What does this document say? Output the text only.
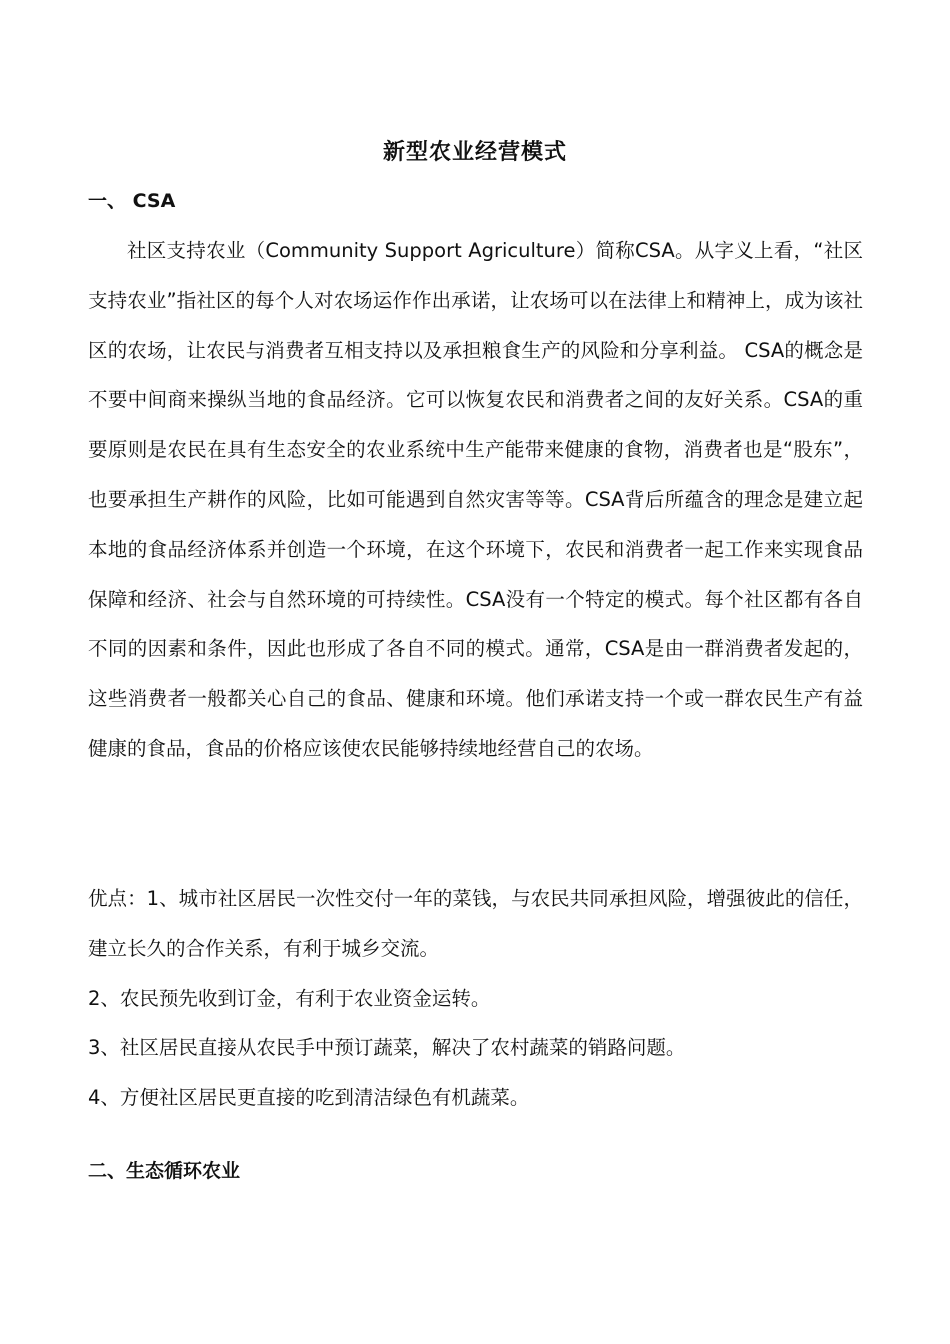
新型农业经营模式
一、 CSA

社区支持农业（Community Support Agriculture）简称CSA。从字义上看，“社区支持农业”指社区的每个人对农场运作作出承诺，让农场可以在法律上和精神上，成为该社区的农场，让农民与消费者互相支持以及承担粮食生产的风险和分享利益。 CSA的概念是不要中间商来操纵当地的食品经济。它可以恢复农民和消费者之间的友好关系。CSA的重要原则是农民在具有生态安全的农业系统中生产能带来健康的食物，消费者也是“股东”，也要承担生产耕作的风险，比如可能遇到自然灾害等等。CSA背后所蕴含的理念是建立起本地的食品经济体系并创造一个环境，在这个环境下，农民和消费者一起工作来实现食品保障和经济、社会与自然环境的可持续性。CSA没有一个特定的模式。每个社区都有各自不同的因素和条件，因此也形成了各自不同的模式。通常，CSA是由一群消费者发起的，这些消费者一般都关心自己的食品、健康和环境。他们承诺支持一个或一群农民生产有益健康的食品，食品的价格应该使农民能够持续地经营自己的农场。

优点：1、城市社区居民一次性交付一年的菜钱，与农民共同承担风险，增强彼此的信任，建立长久的合作关系，有利于城乡交流。
2、农民预先收到订金，有利于农业资金运转。
3、社区居民直接从农民手中预订蔬菜，解决了农村蔬菜的销路问题。
4、方便社区居民更直接的吃到清洁绿色有机蔬菜。
二、生态循环农业
